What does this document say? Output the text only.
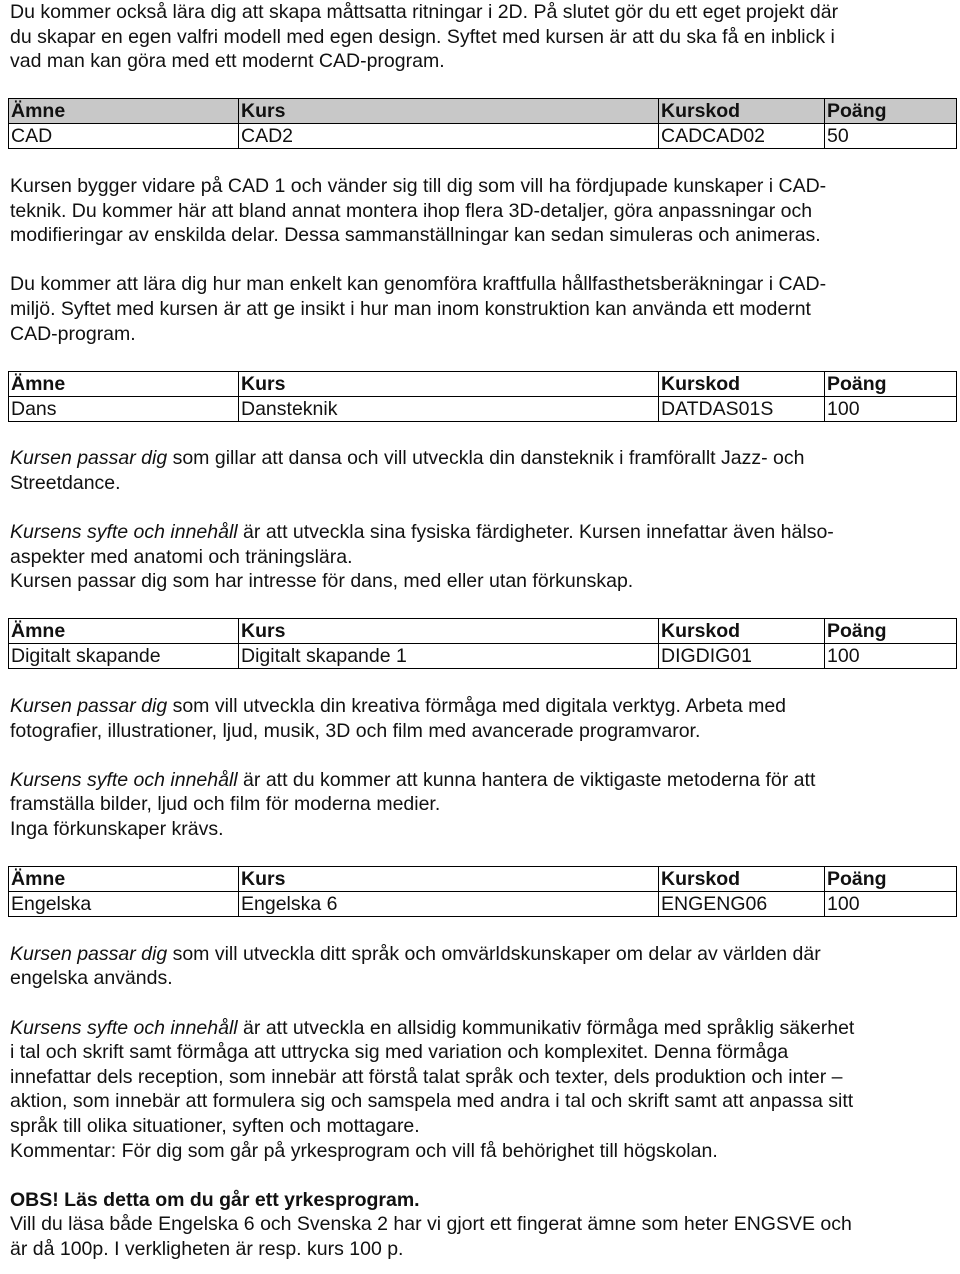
Du kommer också lära dig att skapa måttsatta ritningar i 2D. På slutet gör du ett eget projekt där

du skapar en egen valfri modell med egen design. Syftet med kursen är att du ska få en inblick i

vad man kan göra med ett modernt CAD-program.

Ämne	Kurs	Kurskod	Poäng
CAD	CAD2	CADCAD02	50

Kursen bygger vidare på CAD 1 och vänder sig till dig som vill ha fördjupade kunskaper i CAD-

teknik. Du kommer här att bland annat montera ihop flera 3D-detaljer, göra anpassningar och

modifieringar av enskilda delar. Dessa sammanställningar kan sedan simuleras och animeras.

Du kommer att lära dig hur man enkelt kan genomföra kraftfulla hållfasthetsberäkningar i CAD-

miljö. Syftet med kursen är att ge insikt i hur man inom konstruktion kan använda ett modernt

CAD-program.

Ämne	Kurs	Kurskod	Poäng
Dans	Dansteknik	DATDAS01S	100

Kursen passar dig som gillar att dansa och vill utveckla din dansteknik i framförallt Jazz- och

Streetdance.

Kursens syfte och innehåll är att utveckla sina fysiska färdigheter. Kursen innefattar även hälso-

aspekter med anatomi och träningslära.

Kursen passar dig som har intresse för dans, med eller utan förkunskap.

Ämne	Kurs	Kurskod	Poäng
Digitalt skapande	Digitalt skapande 1	DIGDIG01	100

Kursen passar dig som vill utveckla din kreativa förmåga med digitala verktyg. Arbeta med

fotografier, illustrationer, ljud, musik, 3D och film med avancerade programvaror.

Kursens syfte och innehåll är att du kommer att kunna hantera de viktigaste metoderna för att

framställa bilder, ljud och film för moderna medier.

Inga förkunskaper krävs.

Ämne	Kurs	Kurskod	Poäng
Engelska	Engelska 6	ENGENG06	100

Kursen passar dig som vill utveckla ditt språk och omvärldskunskaper om delar av världen där

engelska används.

Kursens syfte och innehåll är att utveckla en allsidig kommunikativ förmåga med språklig säkerhet

i tal och skrift samt förmåga att uttrycka sig med variation och komplexitet. Denna förmåga

innefattar dels reception, som innebär att förstå talat språk och texter, dels produktion och inter –

aktion, som innebär att formulera sig och samspela med andra i tal och skrift samt att anpassa sitt

språk till olika situationer, syften och mottagare.

Kommentar: För dig som går på yrkesprogram och vill få behörighet till högskolan.

OBS! Läs detta om du går ett yrkesprogram.

Vill du läsa både Engelska 6 och Svenska 2 har vi gjort ett fingerat ämne som heter ENGSVE och

är då 100p. I verkligheten är resp. kurs 100 p.
